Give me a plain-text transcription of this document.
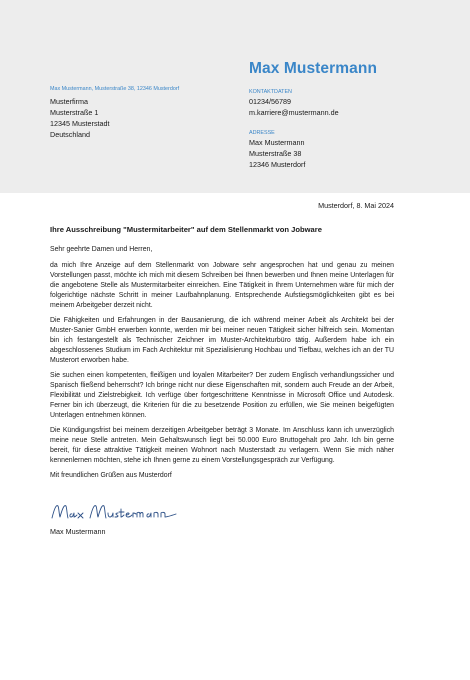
Max Mustermann
Max Mustermann, Musterstraße 38, 12346 Musterdorf
Musterfirma
Musterstraße 1
12345 Musterstadt
Deutschland
KONTAKTDATEN
01234/56789
m.karriere@mustermann.de
ADRESSE
Max Mustermann
Musterstraße 38
12346 Musterdorf
Musterdorf, 8. Mai 2024
Ihre Ausschreibung "Mustermitarbeiter" auf dem Stellenmarkt von Jobware

Sehr geehrte Damen und Herren,

da mich Ihre Anzeige auf dem Stellenmarkt von Jobware sehr angesprochen hat und genau zu meinen Vorstellungen passt, möchte ich mich mit diesem Schreiben bei Ihnen bewerben und Ihnen meine Unterlagen für die angebotene Stelle als Mustermitarbeiter einreichen. Eine Tätigkeit in Ihrem Unternehmen wäre für mich der folgerichtige nächste Schritt in meiner Laufbahnplanung. Entsprechende Aufstiegsmöglichkeiten gibt es bei meinem Arbeitgeber derzeit nicht.

Die Fähigkeiten und Erfahrungen in der Bausanierung, die ich während meiner Arbeit als Architekt bei der Muster-Sanier GmbH erwerben konnte, werden mir bei meiner neuen Tätigkeit sicher hilfreich sein. Momentan bin ich festangestellt als Technischer Zeichner im Muster-Architekturbüro tätig. Außerdem habe ich ein abgeschlossenes Studium im Fach Architektur mit Spezialisierung Hochbau und Tiefbau, welches ich an der TU Musterort erworben habe.

Sie suchen einen kompetenten, fleißigen und loyalen Mitarbeiter? Der zudem Englisch verhandlungssicher und Spanisch fließend beherrscht? Ich bringe nicht nur diese Eigenschaften mit, sondern auch Freude an der Arbeit, Flexibilität und Zielstrebigkeit. Ich verfüge über fortgeschrittene Kenntnisse in Microsoft Office und Autodesk. Ferner bin ich überzeugt, die Kriterien für die zu besetzende Position zu erfüllen, wie Sie meinen beigefügten Unterlagen entnehmen können.

Die Kündigungsfrist bei meinem derzeitigen Arbeitgeber beträgt 3 Monate. Im Anschluss kann ich unverzüglich meine neue Stelle antreten. Mein Gehaltswunsch liegt bei 50.000 Euro Bruttogehalt pro Jahr. Ich bin gerne bereit, für diese attraktive Tätigkeit meinen Wohnort nach Musterstadt zu verlagern. Wenn Sie mich näher kennenlernen möchten, stehe ich Ihnen gerne zu einem Vorstellungsgespräch zur Verfügung.

Mit freundlichen Grüßen aus Musterdorf

Max Mustermann
